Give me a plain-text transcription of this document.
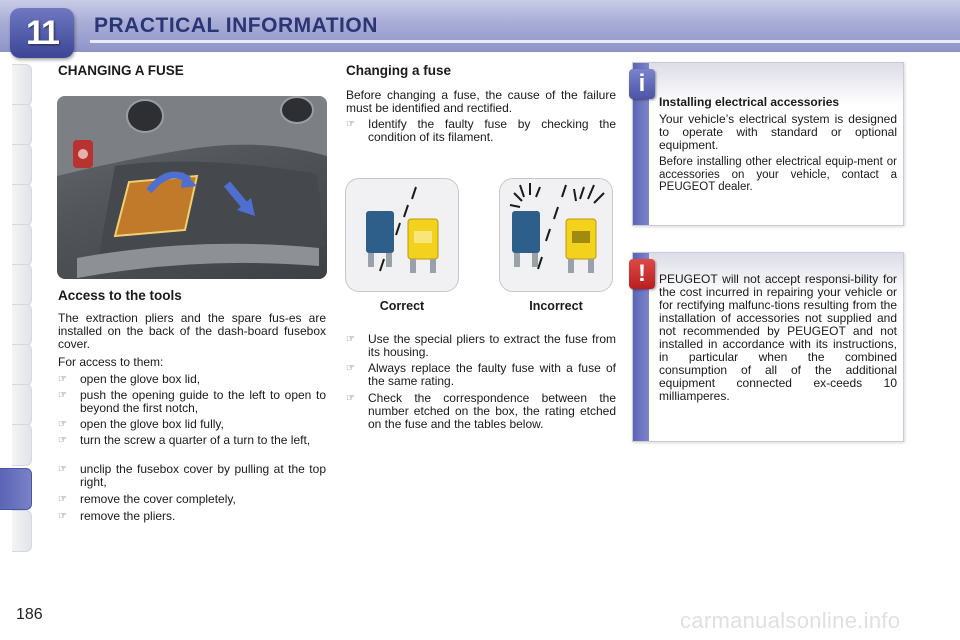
11 PRACTICAL INFORMATION
186
CHANGING A FUSE
Access to the tools
The extraction pliers and the spare fus-es are installed on the back of the dash-board fusebox cover.
For access to them:
☞	open the glove box lid,
☞	push the opening guide to the left to open to beyond the first notch,
☞	open the glove box lid fully,
☞	turn the screw a quarter of a turn to the left,
☞	unclip the fusebox cover by pulling at the top right,
☞	remove the cover completely,
☞	remove the pliers.
Changing a fuse
Before changing a fuse, the cause of the failure must be identified and rectified.
☞	Identify the faulty fuse by checking the condition of its filament.
Correct	Incorrect
☞	Use the special pliers to extract the fuse from its housing.
☞	Always replace the faulty fuse with a fuse of the same rating.
☞	Check the correspondence between the number etched on the box, the rating etched on the fuse and the tables below.
i
Installing electrical accessories
Your vehicle’s electrical system is designed to operate with standard or optional equipment.
Before installing other electrical equip-ment or accessories on your vehicle, contact a PEUGEOT dealer.
!	PEUGEOT will not accept responsi-bility for the cost incurred in repairing your vehicle or for rectifying malfunc-tions resulting from the installation of accessories not supplied and not recommended by PEUGEOT and not installed in accordance with its instructions, in particular when the combined consumption of all of the additional equipment connected ex-ceeds 10 milliamperes.
carmanualsonline.info
